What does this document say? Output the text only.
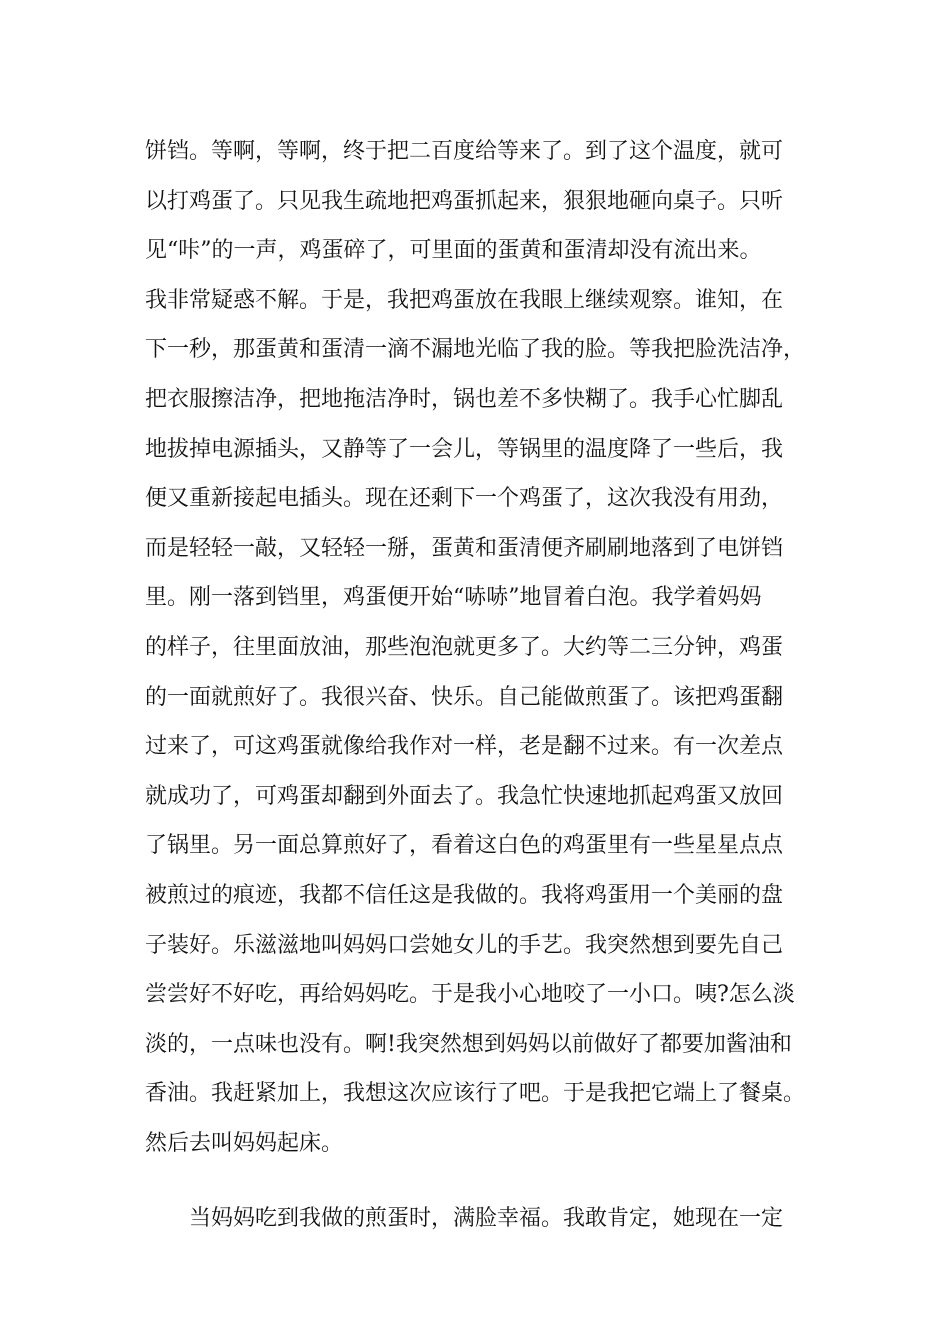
饼铛。等啊，等啊，终于把二百度给等来了。到了这个温度，就可
以打鸡蛋了。只见我生疏地把鸡蛋抓起来，狠狠地砸向桌子。只听
见“咔”的一声，鸡蛋碎了，可里面的蛋黄和蛋清却没有流出来。
我非常疑惑不解。于是，我把鸡蛋放在我眼上继续观察。谁知，在
下一秒，那蛋黄和蛋清一滴不漏地光临了我的脸。等我把脸洗洁净，
把衣服擦洁净，把地拖洁净时，锅也差不多快糊了。我手心忙脚乱
地拔掉电源插头，又静等了一会儿，等锅里的温度降了一些后，我
便又重新接起电插头。现在还剩下一个鸡蛋了，这次我没有用劲，
而是轻轻一敲，又轻轻一掰，蛋黄和蛋清便齐刷刷地落到了电饼铛
里。刚一落到铛里，鸡蛋便开始“哧哧”地冒着白泡。我学着妈妈
的样子，往里面放油，那些泡泡就更多了。大约等二三分钟，鸡蛋
的一面就煎好了。我很兴奋、快乐。自己能做煎蛋了。该把鸡蛋翻
过来了，可这鸡蛋就像给我作对一样，老是翻不过来。有一次差点
就成功了，可鸡蛋却翻到外面去了。我急忙快速地抓起鸡蛋又放回
了锅里。另一面总算煎好了，看着这白色的鸡蛋里有一些星星点点
被煎过的痕迹，我都不信任这是我做的。我将鸡蛋用一个美丽的盘
子装好。乐滋滋地叫妈妈口尝她女儿的手艺。我突然想到要先自己
尝尝好不好吃，再给妈妈吃。于是我小心地咬了一小口。咦?怎么淡
淡的，一点味也没有。啊!我突然想到妈妈以前做好了都要加酱油和
香油。我赶紧加上，我想这次应该行了吧。于是我把它端上了餐桌。
然后去叫妈妈起床。
当妈妈吃到我做的煎蛋时，满脸幸福。我敢肯定，她现在一定
